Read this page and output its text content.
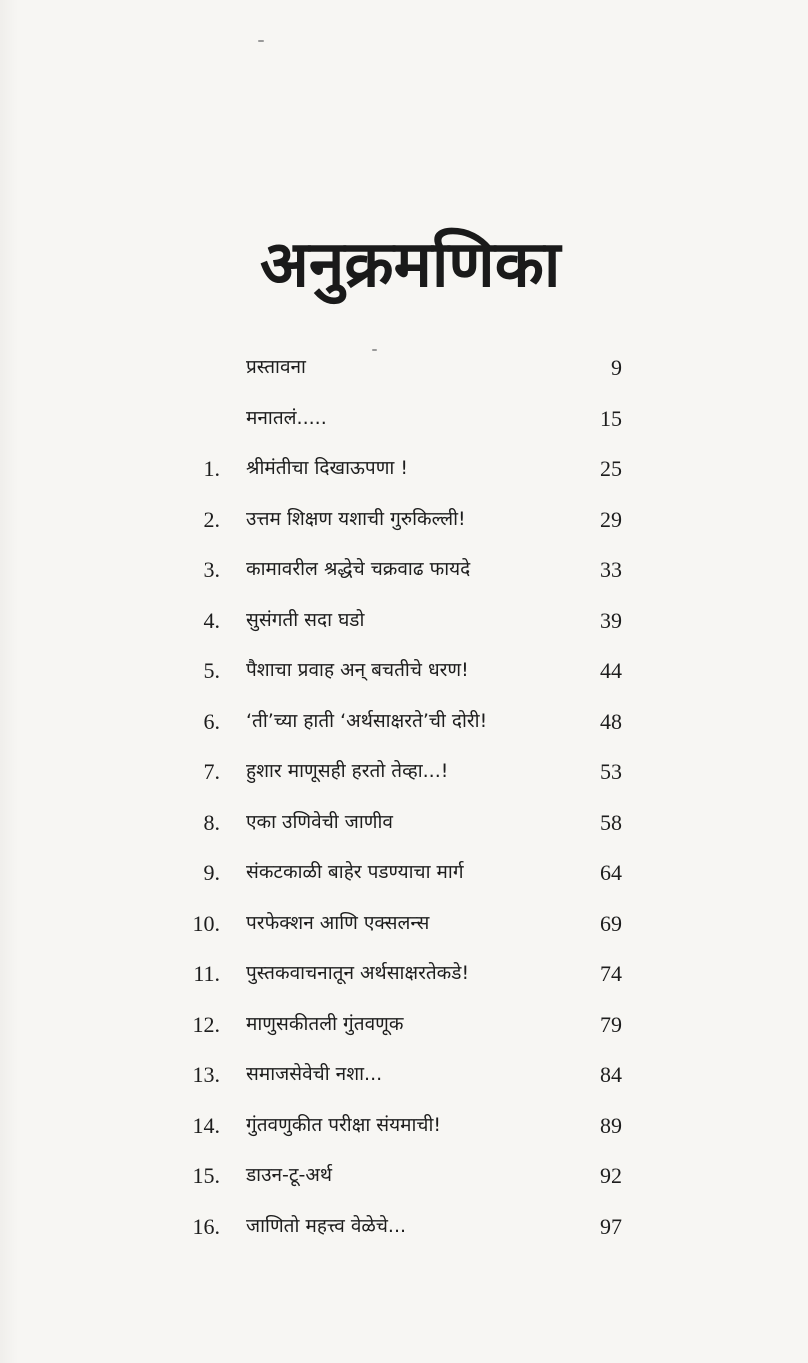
अनुक्रमणिका
प्रस्तावना	9
मनातलं.....	15
1. श्रीमंतीचा दिखाऊपणा !	25
2. उत्तम शिक्षण यशाची गुरुकिल्ली!	29
3. कामावरील श्रद्धेचे चक्रवाढ फायदे	33
4. सुसंगती सदा घडो	39
5. पैशाचा प्रवाह अन् बचतीचे धरण!	44
6. ‘ती’च्या हाती ‘अर्थसाक्षरते’ची दोरी!	48
7. हुशार माणूसही हरतो तेव्हा...!	53
8. एका उणिवेची जाणीव	58
9. संकटकाळी बाहेर पडण्याचा मार्ग	64
10. परफेक्शन आणि एक्सलन्स	69
11. पुस्तकवाचनातून अर्थसाक्षरतेकडे!	74
12. माणुसकीतली गुंतवणूक	79
13. समाजसेवेची नशा...	84
14. गुंतवणुकीत परीक्षा संयमाची!	89
15. डाउन-टू-अर्थ	92
16. जाणितो महत्त्व वेळेचे...	97
